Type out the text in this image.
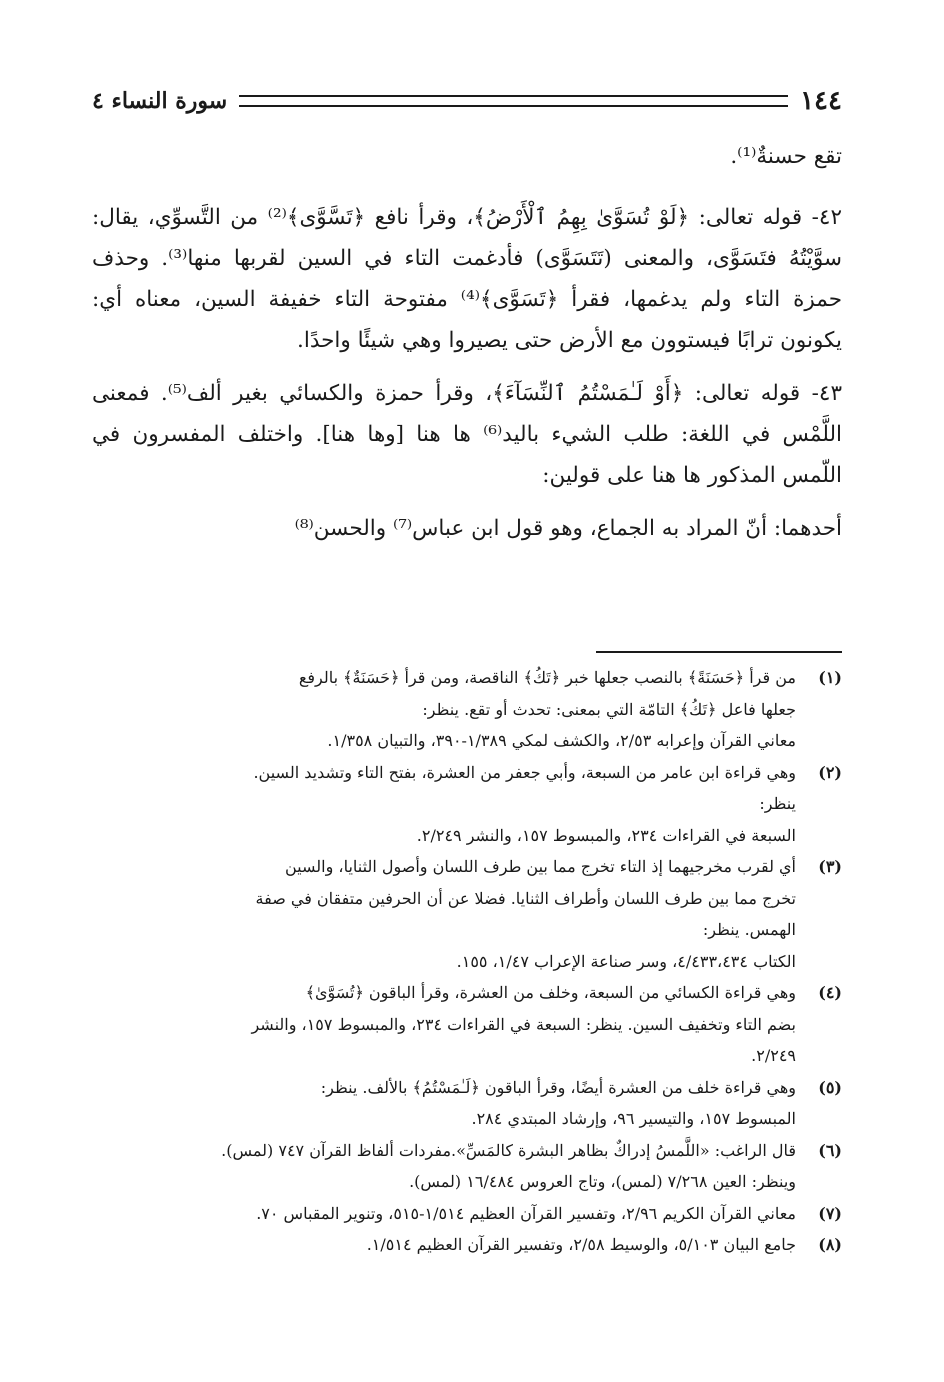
١٤٤
سورة النساء ٤

تقع حسنةٌ⁽¹⁾.

٤٢- قوله تعالى: ﴿لَوْ تُسَوَّىٰ بِهِمُ ٱلْأَرْضُ﴾، وقرأ نافع ﴿تَسَّوَّى﴾⁽²⁾ من التَّسوِّي، يقال: سوَّيْتُهُ فتَسَوَّى، والمعنى (تَتَسَوَّى) فأدغمت التاء في السين لقربها منها⁽³⁾. وحذف حمزة التاء ولم يدغمها، فقرأ ﴿تَسَوَّى﴾⁽⁴⁾ مفتوحة التاء خفيفة السين، معناه أي: يكونون ترابًا فيستوون مع الأرض حتى يصيروا وهي شيئًا واحدًا.

٤٣- قوله تعالى: ﴿أَوْ لَـٰمَسْتُمُ ٱلنِّسَآءَ﴾، وقرأ حمزة والكسائي بغير ألف⁽⁵⁾. فمعنى اللَّمْس في اللغة: طلب الشيء باليد⁽⁶⁾ ها هنا [وها هنا]. واختلف المفسرون في اللّمس المذكور ها هنا على قولين:

أحدهما: أنّ المراد به الجماع، وهو قول ابن عباس⁽⁷⁾ والحسن⁽⁸⁾

(١)
من قرأ ﴿حَسَنَةً﴾ بالنصب جعلها خبر ﴿تَكُ﴾ الناقصة، ومن قرأ ﴿حَسَنَةٌ﴾ بالرفع
جعلها فاعل ﴿تَكُ﴾ التامّة التي بمعنى: تحدث أو تقع. ينظر:
معاني القرآن وإعرابه ٢/٥٣، والكشف لمكي ١/٣٨٩-٣٩٠، والتبيان ١/٣٥٨.
(٢)
وهي قراءة ابن عامر من السبعة، وأبي جعفر من العشرة، بفتح التاء وتشديد السين.
ينظر:
السبعة في القراءات ٢٣٤، والمبسوط ١٥٧، والنشر ٢/٢٤٩.
(٣)
أي لقرب مخرجيهما إذ التاء تخرج مما بين طرف اللسان وأصول الثنايا، والسين
تخرج مما بين طرف اللسان وأطراف الثنايا. فضلا عن أن الحرفين متفقان في صفة
الهمس. ينظر:
الكتاب ٤/٤٣٣،٤٣٤، وسر صناعة الإعراب ١/٤٧، ١٥٥.
(٤)
وهي قراءة الكسائي من السبعة، وخلف من العشرة، وقرأ الباقون ﴿تُسَوَّىٰ﴾
بضم التاء وتخفيف السين. ينظر: السبعة في القراءات ٢٣٤، والمبسوط ١٥٧، والنشر
٢/٢٤٩.
(٥)
وهي قراءة خلف من العشرة أيضًا، وقرأ الباقون ﴿لَـٰمَسْتُمُ﴾ بالألف. ينظر:
المبسوط ١٥٧، والتيسير ٩٦، وإرشاد المبتدي ٢٨٤.
(٦)
قال الراغب: «اللَّمسُ إدراكٌ بظاهر البشرة كالمَسِّ».مفردات ألفاظ القرآن ٧٤٧ (لمس).
وينظر: العين ٧/٢٦٨ (لمس)، وتاج العروس ١٦/٤٨٤ (لمس).
(٧)
معاني القرآن الكريم ٢/٩٦، وتفسير القرآن العظيم ١/٥١٤-٥١٥، وتنوير المقباس ٧٠.
(٨)
جامع البيان ٥/١٠٣، والوسيط ٢/٥٨، وتفسير القرآن العظيم ١/٥١٤.
